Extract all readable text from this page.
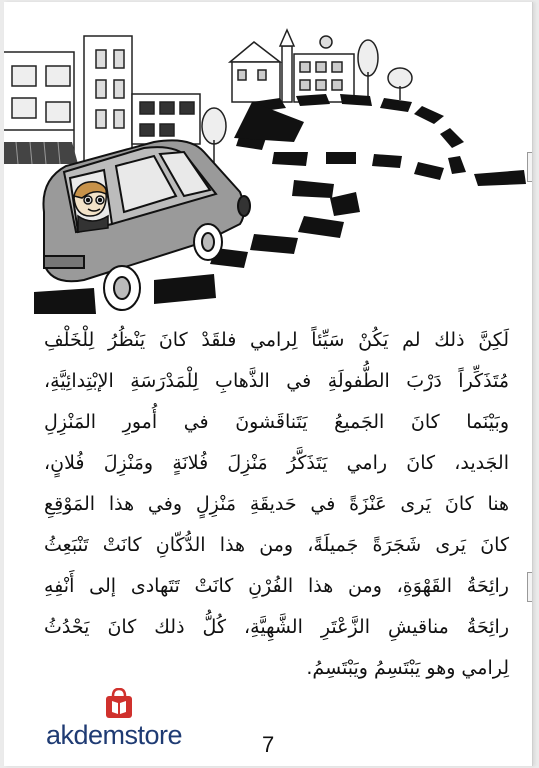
لَكِنَّ ذلك لم يَكُنْ سَيِّئاً لِرامي فلقَدْ كانَ يَنْظُرُ لِلْخَلْفِ
مُتَذَكِّراً دَرْبَ الطُّفولَةِ في الذَّهابِ لِلْمَدْرَسَةِ الإبْتِدائِيَّةِ،
وبَيْنَما كانَ الجَميعُ يَتَناقَشونَ في أُمورِ المَنْزِلِ
الجَديد، كانَ رامي يَتَذَكَّرُ مَنْزِلَ فُلانَةٍ ومَنْزِلَ فُلانٍ،
هنا كانَ يَرى عَنْزَةً في حَديقَةِ مَنْزِلٍ وفي هذا المَوْقِعِ
كانَ يَرى شَجَرَةً جَميلَةً، ومن هذا الدُّكّانِ كانَتْ تَنْبَعِثُ
رائِحَةُ القَهْوَةِ، ومن هذا الفُرْنِ كانَتْ تَتَهادى إلى أَنْفِهِ
رائِحَةُ مناقيشِ الزَّعْتَرِ الشَّهِيَّةِ، كُلُّ ذلك كانَ يَحْدُثُ
لِرامي وهو يَبْتَسِمُ ويَبْتَسِمُ.
akdemstore	7
